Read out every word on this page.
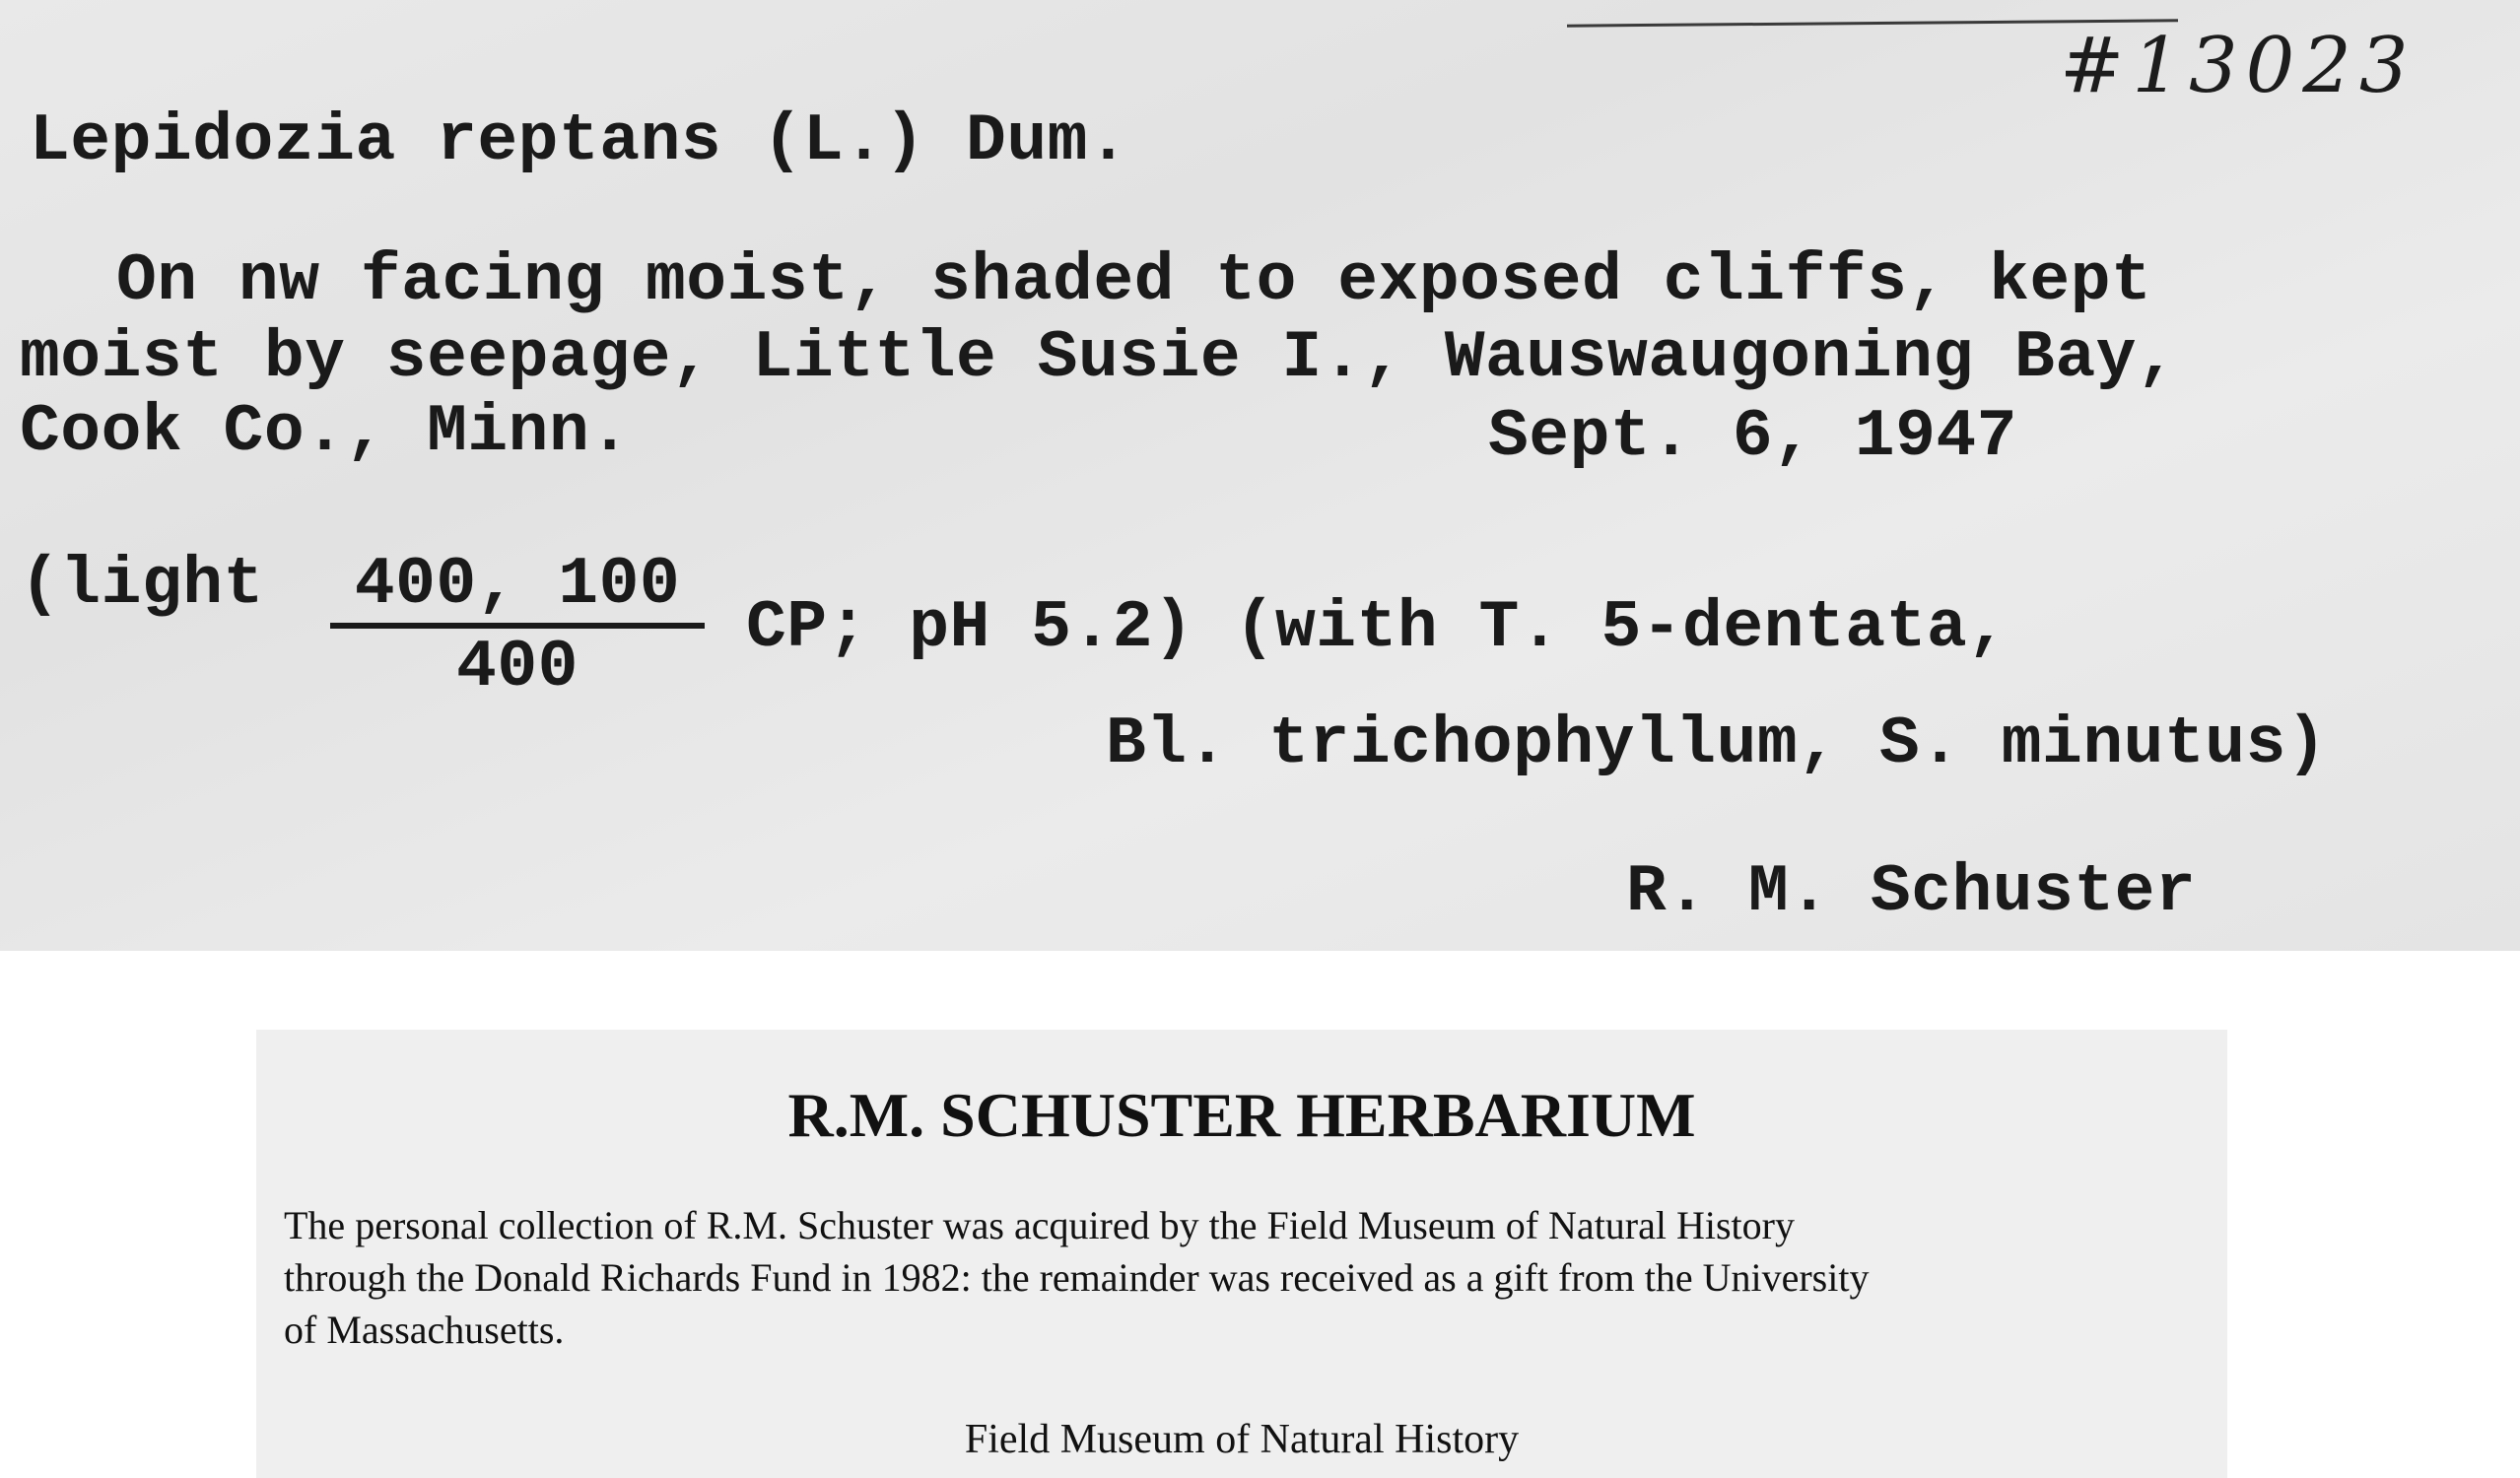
#13023
Lepidozia reptans (L.) Dum.
On nw facing moist, shaded to exposed cliffs, kept
moist by seepage, Little Susie I., Wauswaugoning Bay,
Cook Co., Minn.	Sept. 6, 1947
(light	400, 100
400
CP; pH 5.2) (with T. 5-dentata,
Bl. trichophyllum, S. minutus)
R. M. Schuster
R.M. SCHUSTER HERBARIUM
The personal collection of R.M. Schuster was acquired by the Field Museum of Natural History
through the Donald Richards Fund in 1982: the remainder was received as a gift from the University
of Massachusetts.
Field Museum of Natural History
